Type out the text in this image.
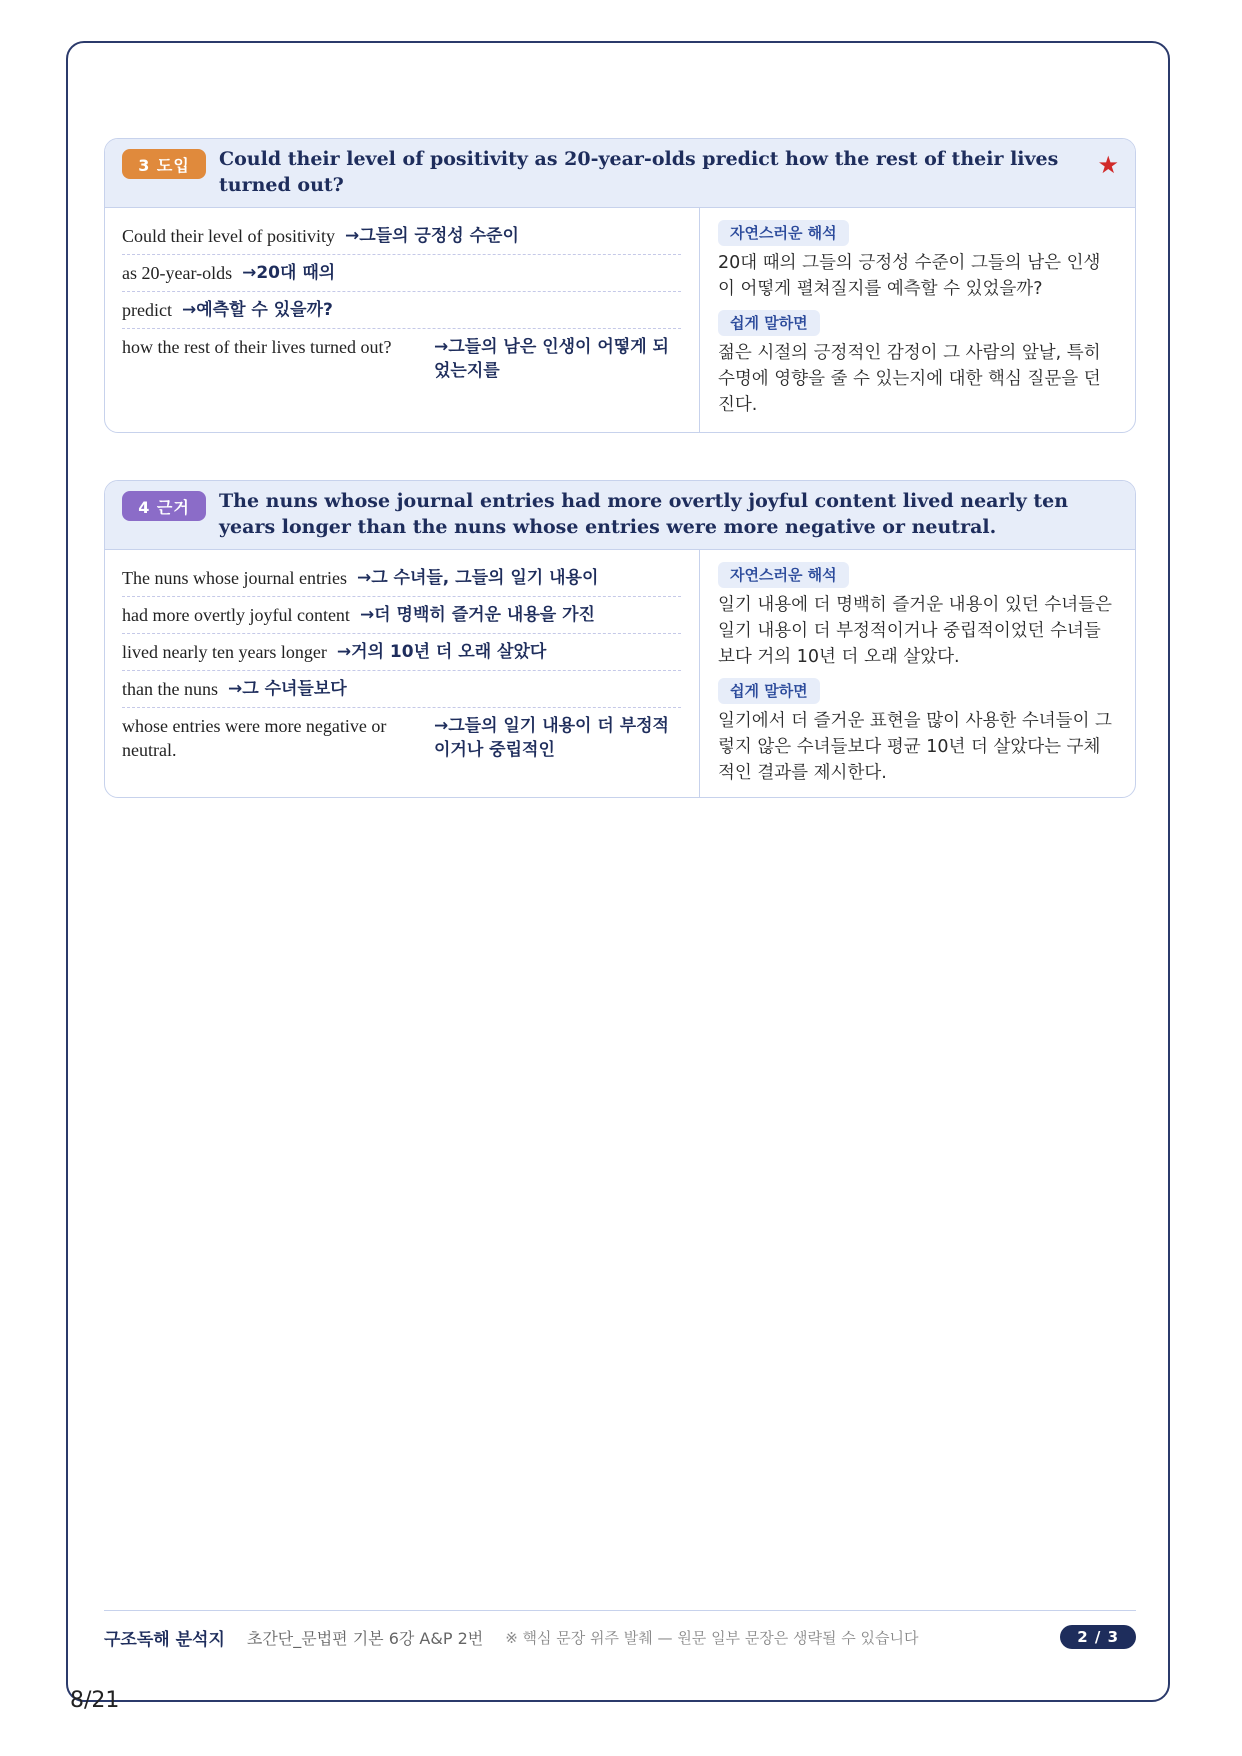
3 도입	Could their level of positivity as 20-year-olds predict how the rest of their lives turned out?
★
Could their level of positivity →그들의 긍정성 수준이
as 20-year-olds →20대 때의
predict →예측할 수 있을까?
how the rest of their lives turned out?	→그들의 남은 인생이 어떻게 되었는지를
자연스러운 해석
20대 때의 그들의 긍정성 수준이 그들의 남은 인생이 어떻게 펼쳐질지를 예측할 수 있었을까?
쉽게 말하면
젊은 시절의 긍정적인 감정이 그 사람의 앞날, 특히 수명에 영향을 줄 수 있는지에 대한 핵심 질문을 던진다.
4 근거	The nuns whose journal entries had more overtly joyful content lived nearly ten years longer than the nuns whose entries were more negative or neutral.
The nuns whose journal entries →그 수녀들, 그들의 일기 내용이
had more overtly joyful content →더 명백히 즐거운 내용을 가진
lived nearly ten years longer →거의 10년 더 오래 살았다
than the nuns →그 수녀들보다
whose entries were more negative or neutral.
→그들의 일기 내용이 더 부정적이거나 중립적인
자연스러운 해석
일기 내용에 더 명백히 즐거운 내용이 있던 수녀들은 일기 내용이 더 부정적이거나 중립적이었던 수녀들보다 거의 10년 더 오래 살았다.
쉽게 말하면
일기에서 더 즐거운 표현을 많이 사용한 수녀들이 그렇지 않은 수녀들보다 평균 10년 더 살았다는 구체적인 결과를 제시한다.
구조독해 분석지 초간단_문법편 기본 6강 A&P 2번 ※ 핵심 문장 위주 발췌 — 원문 일부 문장은 생략될 수 있습니다	2 / 3
8/21
